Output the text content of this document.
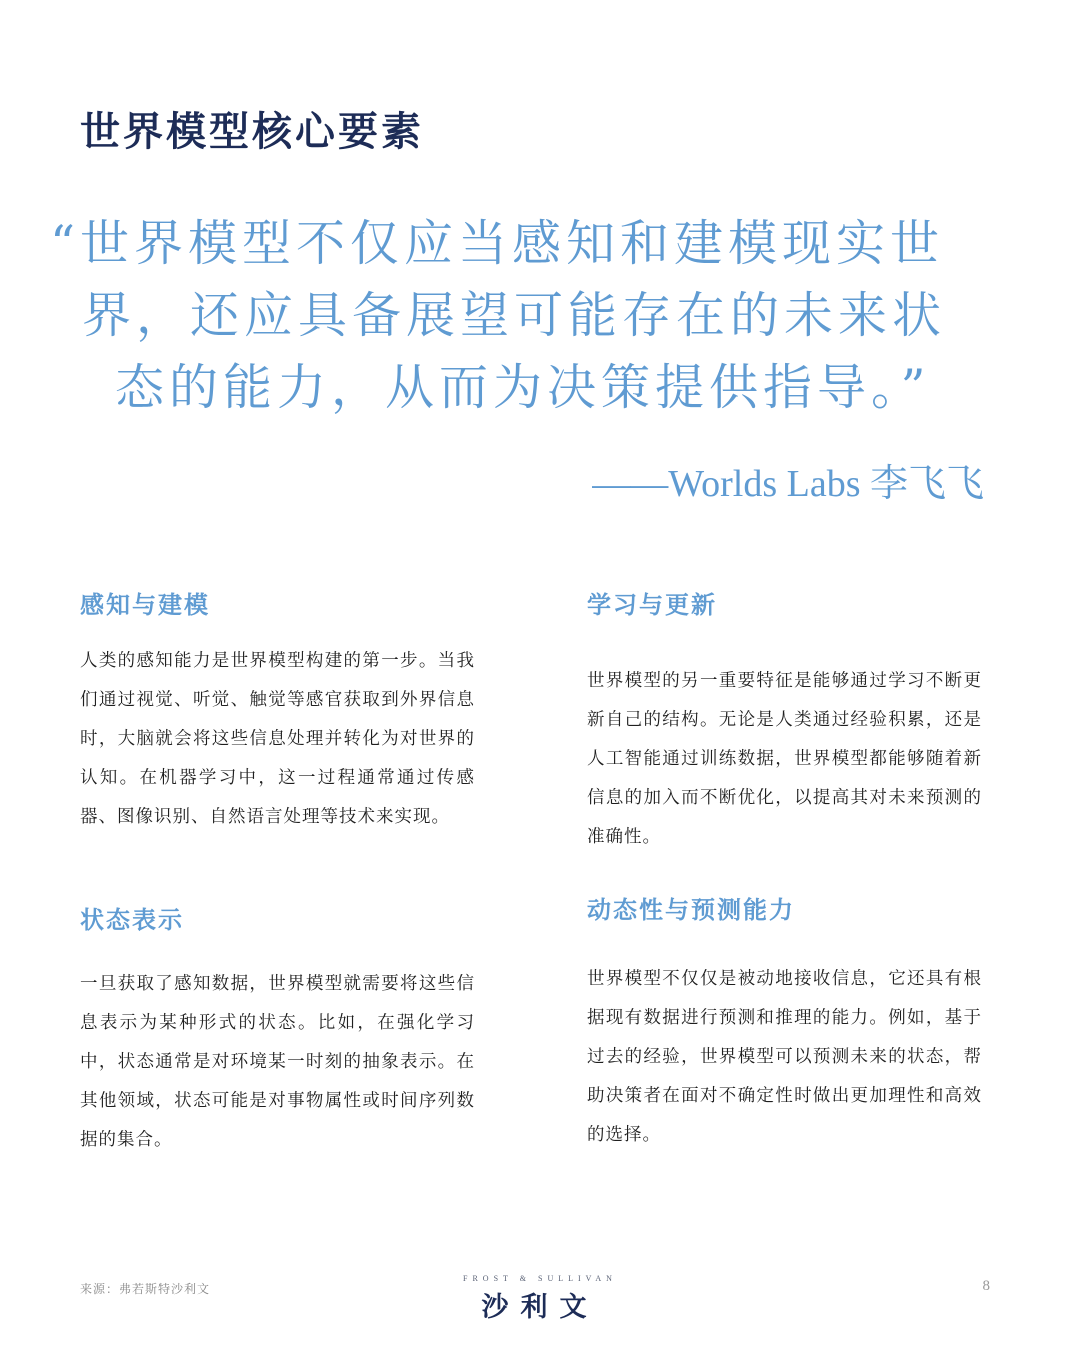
世界模型核心要素
“世界模型不仅应当感知和建模现实世
界，还应具备展望可能存在的未来状
态的能力，从而为决策提供指导。”
——Worlds Labs 李飞飞
感知与建模

人类的感知能力是世界模型构建的第一步。当我们通过视觉、听觉、触觉等感官获取到外界信息时，大脑就会将这些信息处理并转化为对世界的认知。在机器学习中，这一过程通常通过传感器、图像识别、自然语言处理等技术来实现。

学习与更新

世界模型的另一重要特征是能够通过学习不断更新自己的结构。无论是人类通过经验积累，还是人工智能通过训练数据，世界模型都能够随着新信息的加入而不断优化，以提高其对未来预测的准确性。

状态表示

一旦获取了感知数据，世界模型就需要将这些信息表示为某种形式的状态。比如，在强化学习中，状态通常是对环境某一时刻的抽象表示。在其他领域，状态可能是对事物属性或时间序列数据的集合。

动态性与预测能力

世界模型不仅仅是被动地接收信息，它还具有根据现有数据进行预测和推理的能力。例如，基于过去的经验，世界模型可以预测未来的状态，帮助决策者在面对不确定性时做出更加理性和高效的选择。

来源：弗若斯特沙利文
FROST & SULLIVAN
沙利文
8
